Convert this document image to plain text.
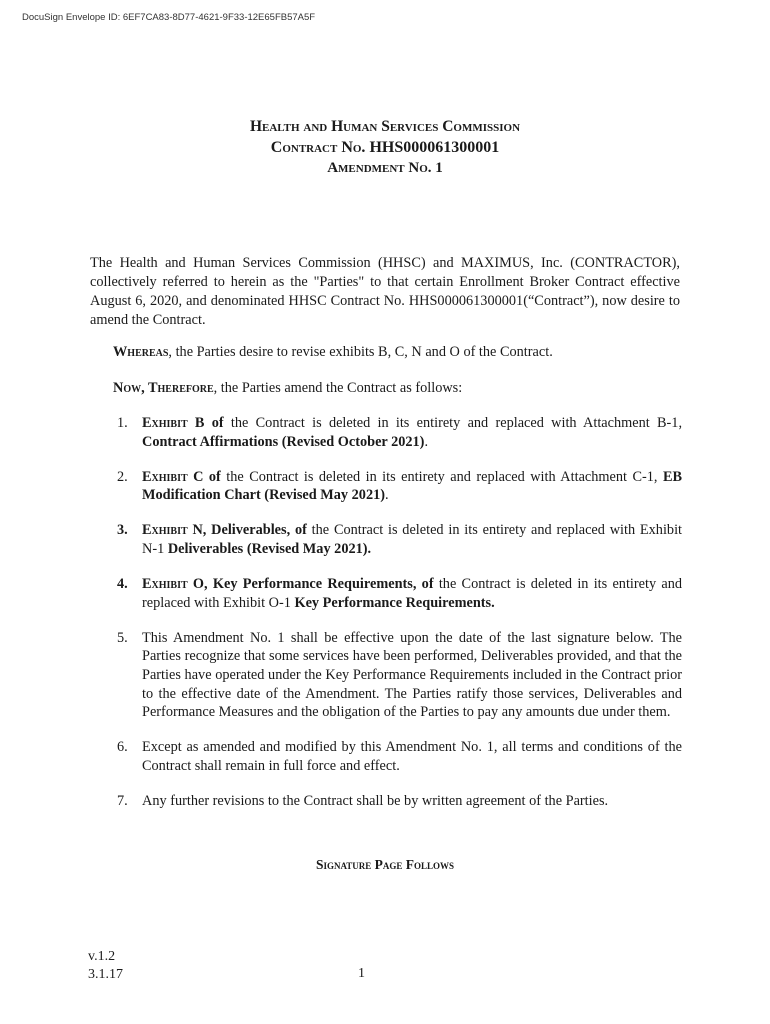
DocuSign Envelope ID: 6EF7CA83-8D77-4621-9F33-12E65FB57A5F
Health and Human Services Commission
Contract No. HHS000061300001
Amendment No. 1
The Health and Human Services Commission (HHSC) and MAXIMUS, Inc. (CONTRACTOR), collectively referred to herein as the "Parties" to that certain Enrollment Broker Contract effective August 6, 2020, and denominated HHSC Contract No. HHS000061300001(“Contract”), now desire to amend the Contract.
Whereas, the Parties desire to revise exhibits B, C, N and O of the Contract.
Now, Therefore, the Parties amend the Contract as follows:
1. Exhibit B of the Contract is deleted in its entirety and replaced with Attachment B-1, Contract Affirmations (Revised October 2021).
2. Exhibit C of the Contract is deleted in its entirety and replaced with Attachment C-1, EB Modification Chart (Revised May 2021).
3. Exhibit N, Deliverables, of the Contract is deleted in its entirety and replaced with Exhibit N-1 Deliverables (Revised May 2021).
4. Exhibit O, Key Performance Requirements, of the Contract is deleted in its entirety and replaced with Exhibit O-1 Key Performance Requirements.
5. This Amendment No. 1 shall be effective upon the date of the last signature below. The Parties recognize that some services have been performed, Deliverables provided, and that the Parties have operated under the Key Performance Requirements included in the Contract prior to the effective date of the Amendment. The Parties ratify those services, Deliverables and Performance Measures and the obligation of the Parties to pay any amounts due under them.
6. Except as amended and modified by this Amendment No. 1, all terms and conditions of the Contract shall remain in full force and effect.
7. Any further revisions to the Contract shall be by written agreement of the Parties.
Signature Page Follows
v.1.2
3.1.17	1
